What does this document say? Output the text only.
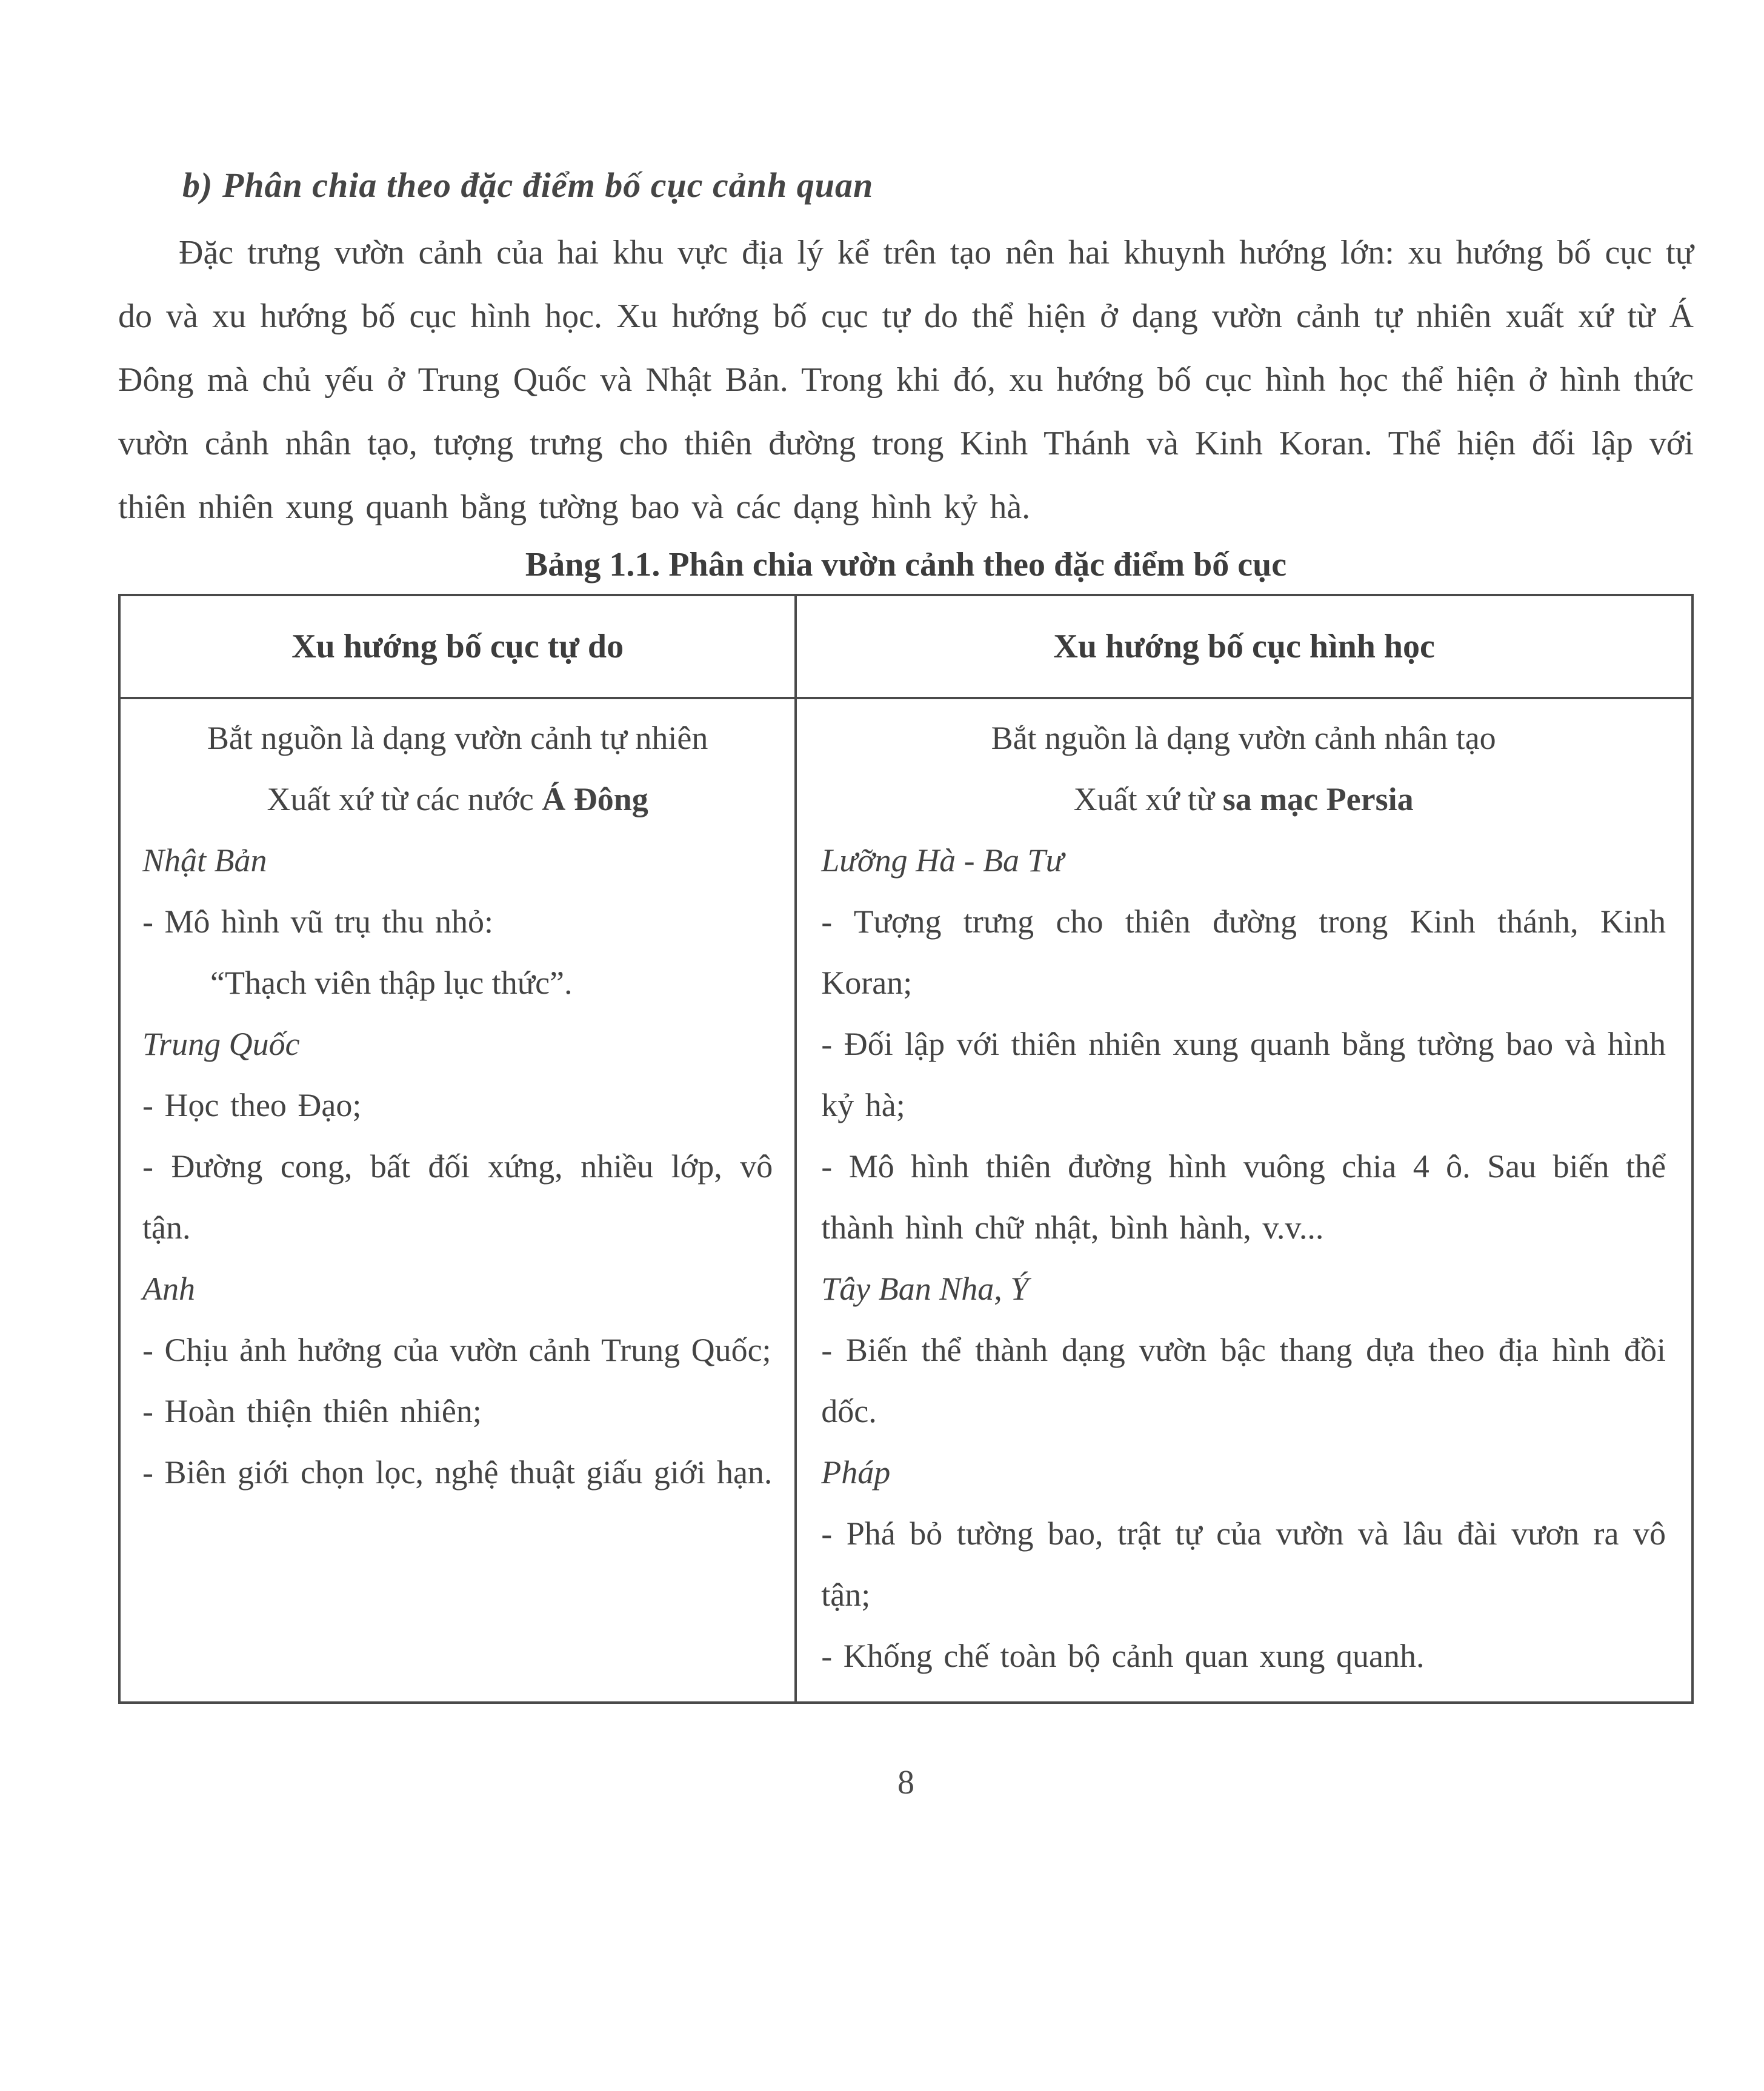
b) Phân chia theo đặc điểm bố cục cảnh quan

Đặc trưng vườn cảnh của hai khu vực địa lý kể trên tạo nên hai khuynh hướng lớn: xu hướng bố cục tự do và xu hướng bố cục hình học. Xu hướng bố cục tự do thể hiện ở dạng vườn cảnh tự nhiên xuất xứ từ Á Đông mà chủ yếu ở Trung Quốc và Nhật Bản. Trong khi đó, xu hướng bố cục hình học thể hiện ở hình thức vườn cảnh nhân tạo, tượng trưng cho thiên đường trong Kinh Thánh và Kinh Koran. Thể hiện đối lập với thiên nhiên xung quanh bằng tường bao và các dạng hình kỷ hà.

Bảng 1.1. Phân chia vườn cảnh theo đặc điểm bố cục
Xu hướng bố cục tự do	Xu hướng bố cục hình học

Bắt nguồn là dạng vườn cảnh tự nhiên
Xuất xứ từ các nước Á Đông
Nhật Bản
- Mô hình vũ trụ thu nhỏ:
“Thạch viên thập lục thức”.
Trung Quốc
- Học theo Đạo;
- Đường cong, bất đối xứng, nhiều lớp, vô tận.
Anh
- Chịu ảnh hưởng của vườn cảnh Trung Quốc;
- Hoàn thiện thiên nhiên;
- Biên giới chọn lọc, nghệ thuật giấu giới hạn.

Bắt nguồn là dạng vườn cảnh nhân tạo
Xuất xứ từ sa mạc Persia
Lưỡng Hà - Ba Tư
- Tượng trưng cho thiên đường trong Kinh thánh, Kinh Koran;
- Đối lập với thiên nhiên xung quanh bằng tường bao và hình kỷ hà;
- Mô hình thiên đường hình vuông chia 4 ô. Sau biến thể thành hình chữ nhật, bình hành, v.v...
Tây Ban Nha, Ý
- Biến thể thành dạng vườn bậc thang dựa theo địa hình đồi dốc.
Pháp
- Phá bỏ tường bao, trật tự của vườn và lâu đài vươn ra vô tận;
- Khống chế toàn bộ cảnh quan xung quanh.
8
